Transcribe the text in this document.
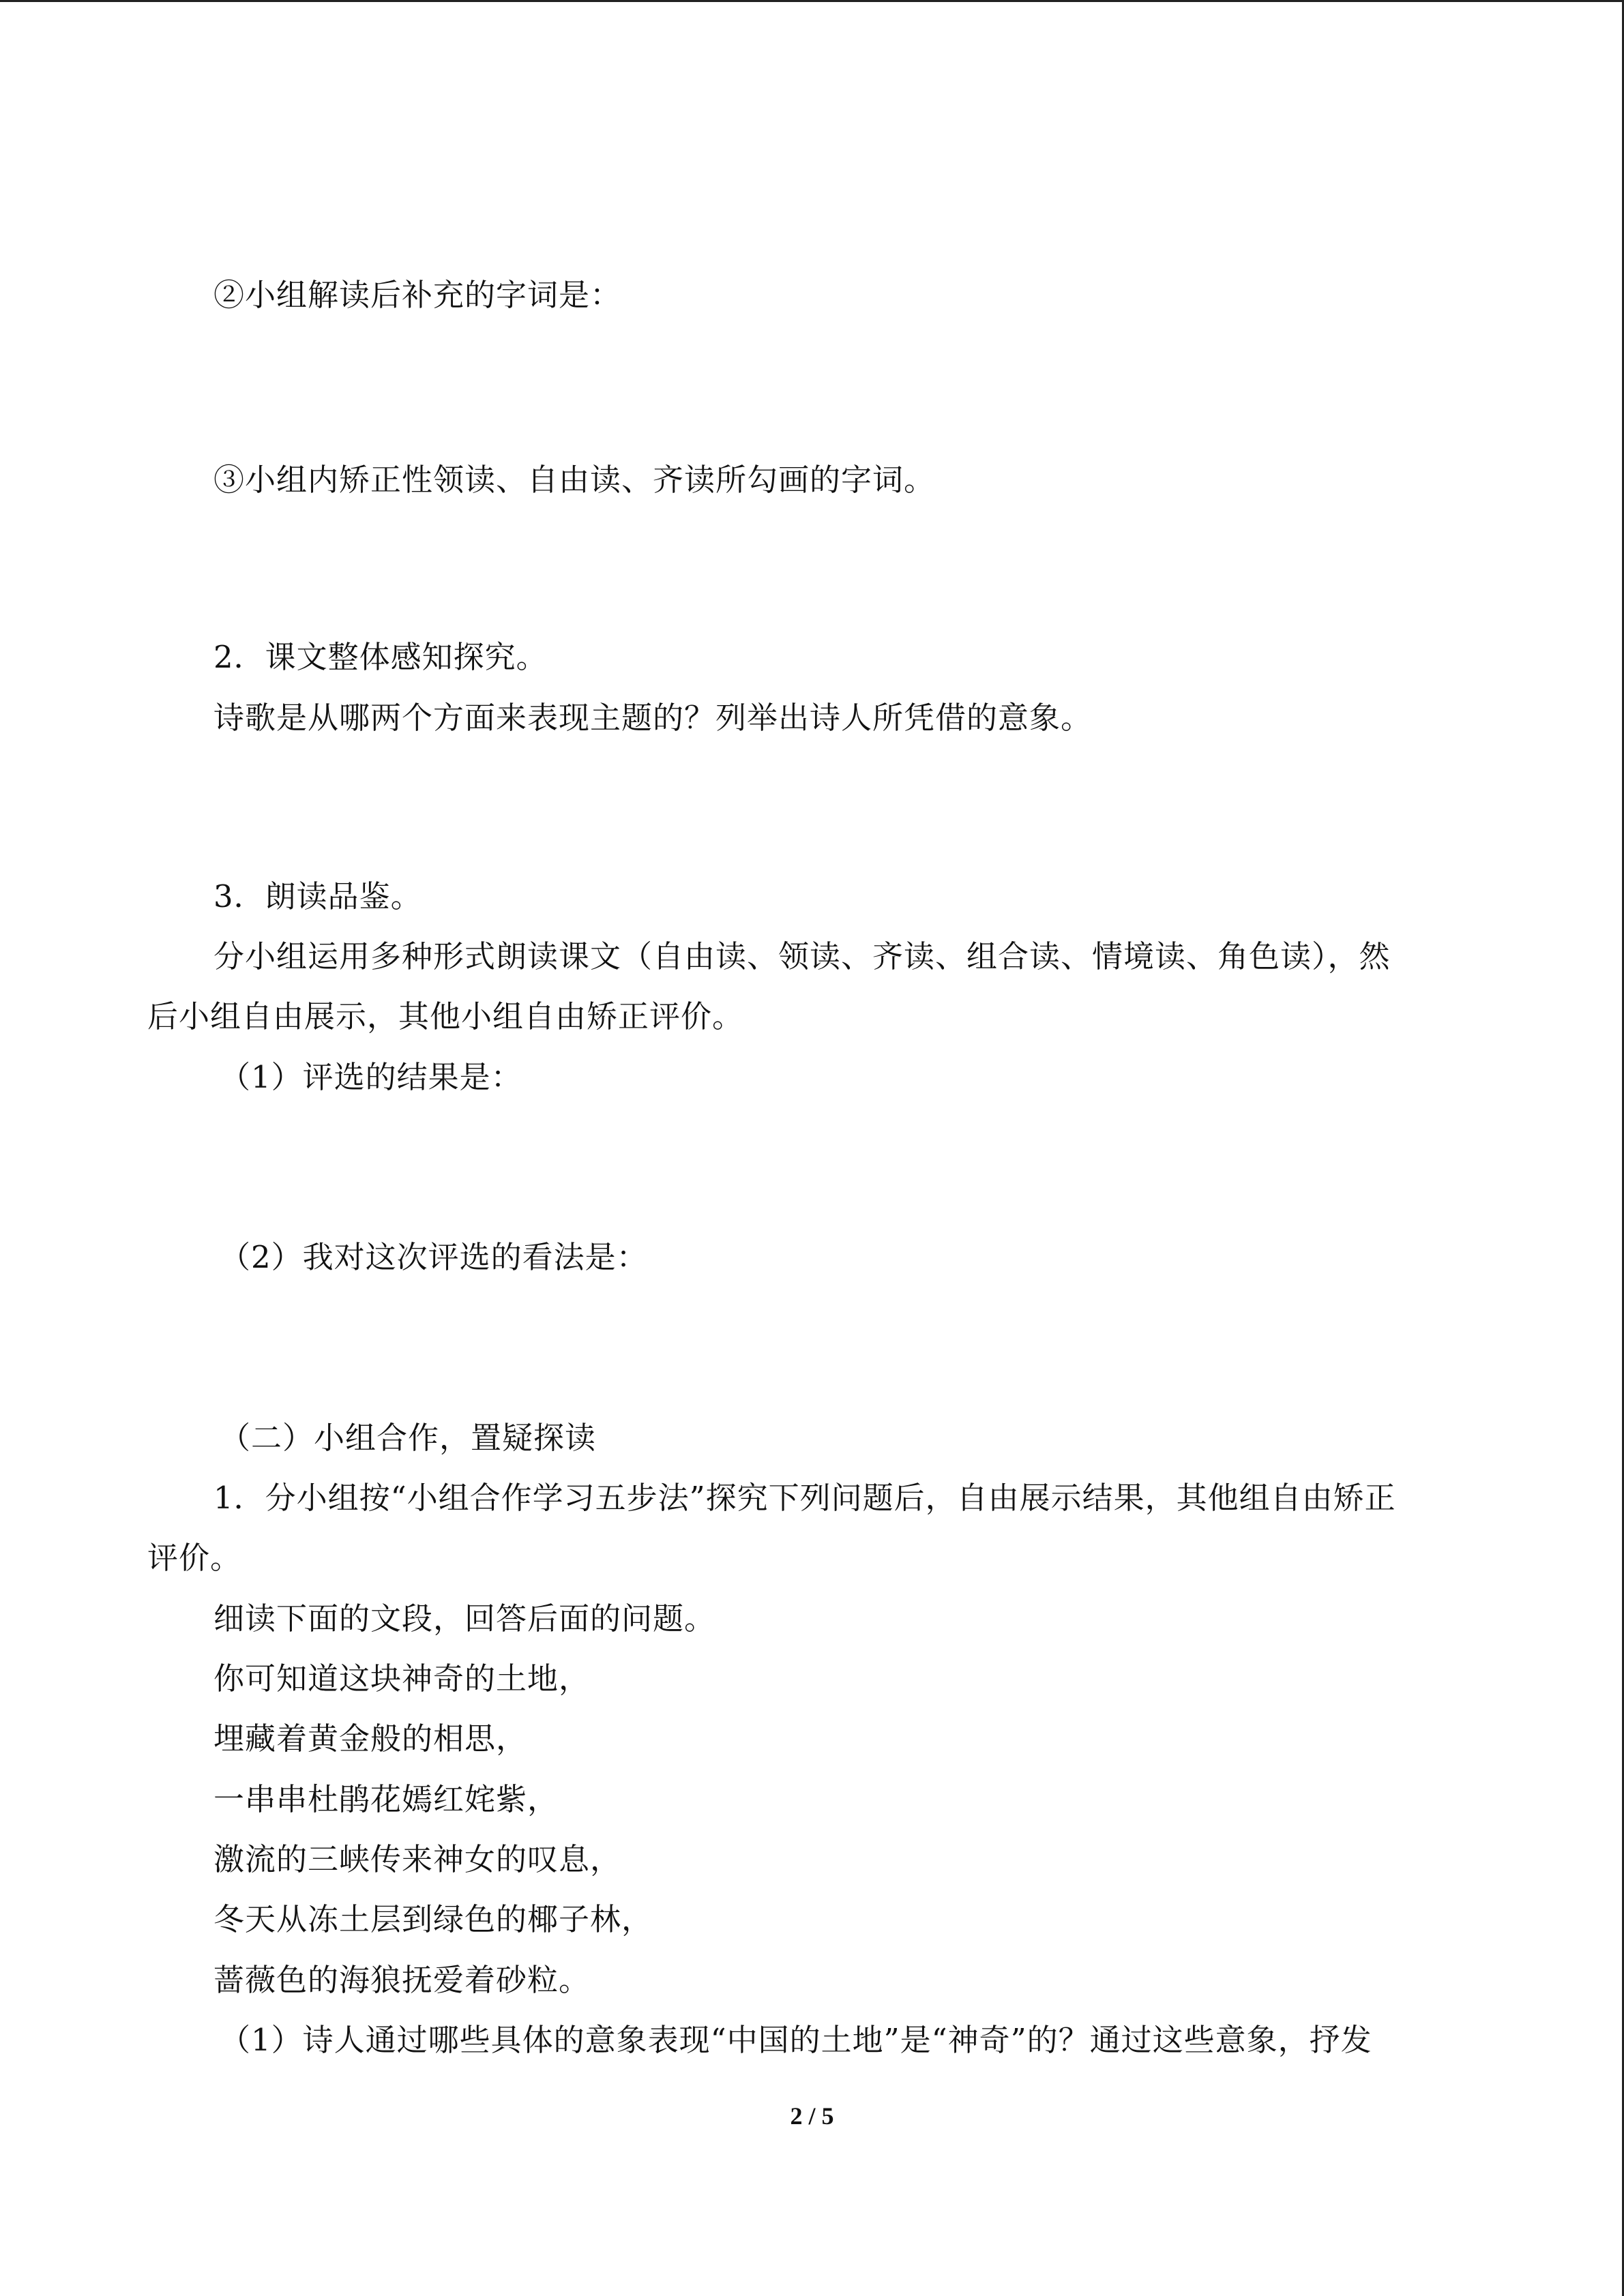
②小组解读后补充的字词是：
③小组内矫正性领读、自由读、齐读所勾画的字词。
2．课文整体感知探究。
诗歌是从哪两个方面来表现主题的？列举出诗人所凭借的意象。
3．朗读品鉴。
分小组运用多种形式朗读课文（自由读、领读、齐读、组合读、情境读、角色读），然
后小组自由展示，其他小组自由矫正评价。
（1）评选的结果是：
（2）我对这次评选的看法是：
（二）小组合作，置疑探读
1．分小组按“小组合作学习五步法”探究下列问题后，自由展示结果，其他组自由矫正
评价。
细读下面的文段，回答后面的问题。
你可知道这块神奇的土地，
埋藏着黄金般的相思，
一串串杜鹃花嫣红姹紫，
激流的三峡传来神女的叹息，
冬天从冻土层到绿色的椰子林，
蔷薇色的海狼抚爱着砂粒。
（1）诗人通过哪些具体的意象表现“中国的土地”是“神奇”的？通过这些意象，抒发
2 / 5
